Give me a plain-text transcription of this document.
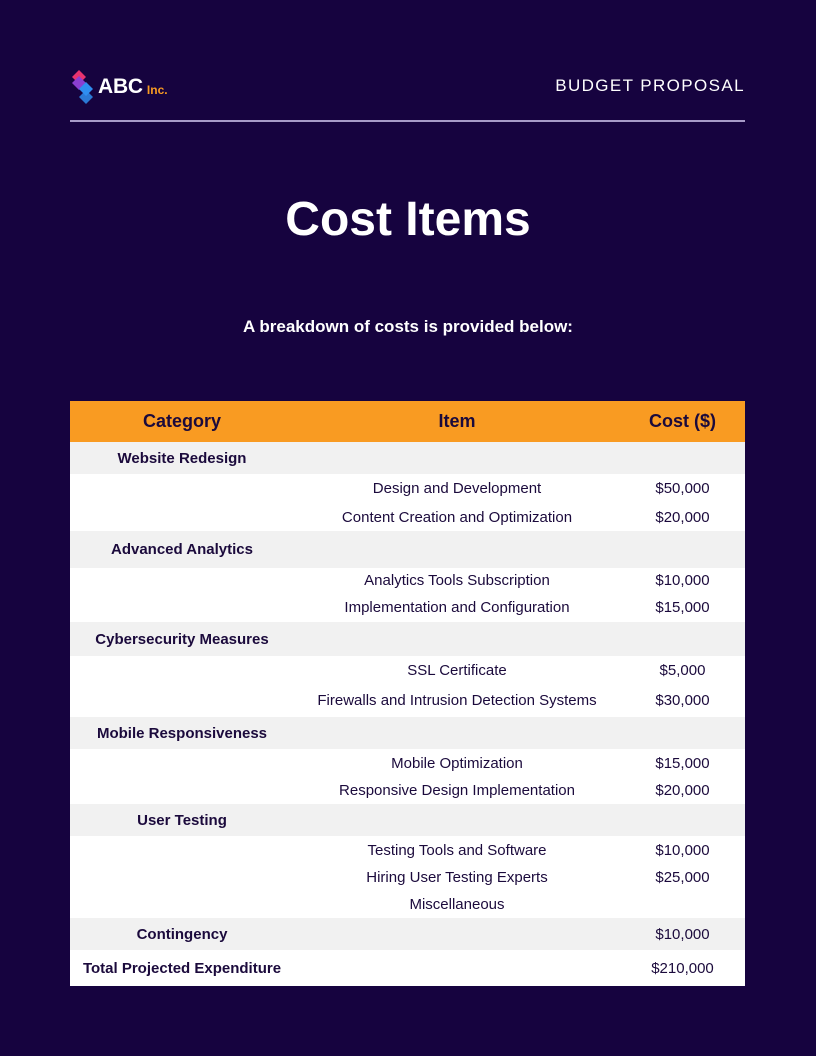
ABC Inc.	BUDGET PROPOSAL
Cost Items
A breakdown of costs is provided below:
Category	Item	Cost ($)
Website Redesign		
	Design and Development	$50,000
	Content Creation and Optimization	$20,000
Advanced Analytics		
	Analytics Tools Subscription	$10,000
	Implementation and Configuration	$15,000
Cybersecurity Measures		
	SSL Certificate	$5,000
	Firewalls and Intrusion Detection Systems	$30,000
Mobile Responsiveness		
	Mobile Optimization	$15,000
	Responsive Design Implementation	$20,000
User Testing		
	Testing Tools and Software	$10,000
	Hiring User Testing Experts	$25,000
	Miscellaneous	
Contingency		$10,000
Total Projected Expenditure		$210,000
